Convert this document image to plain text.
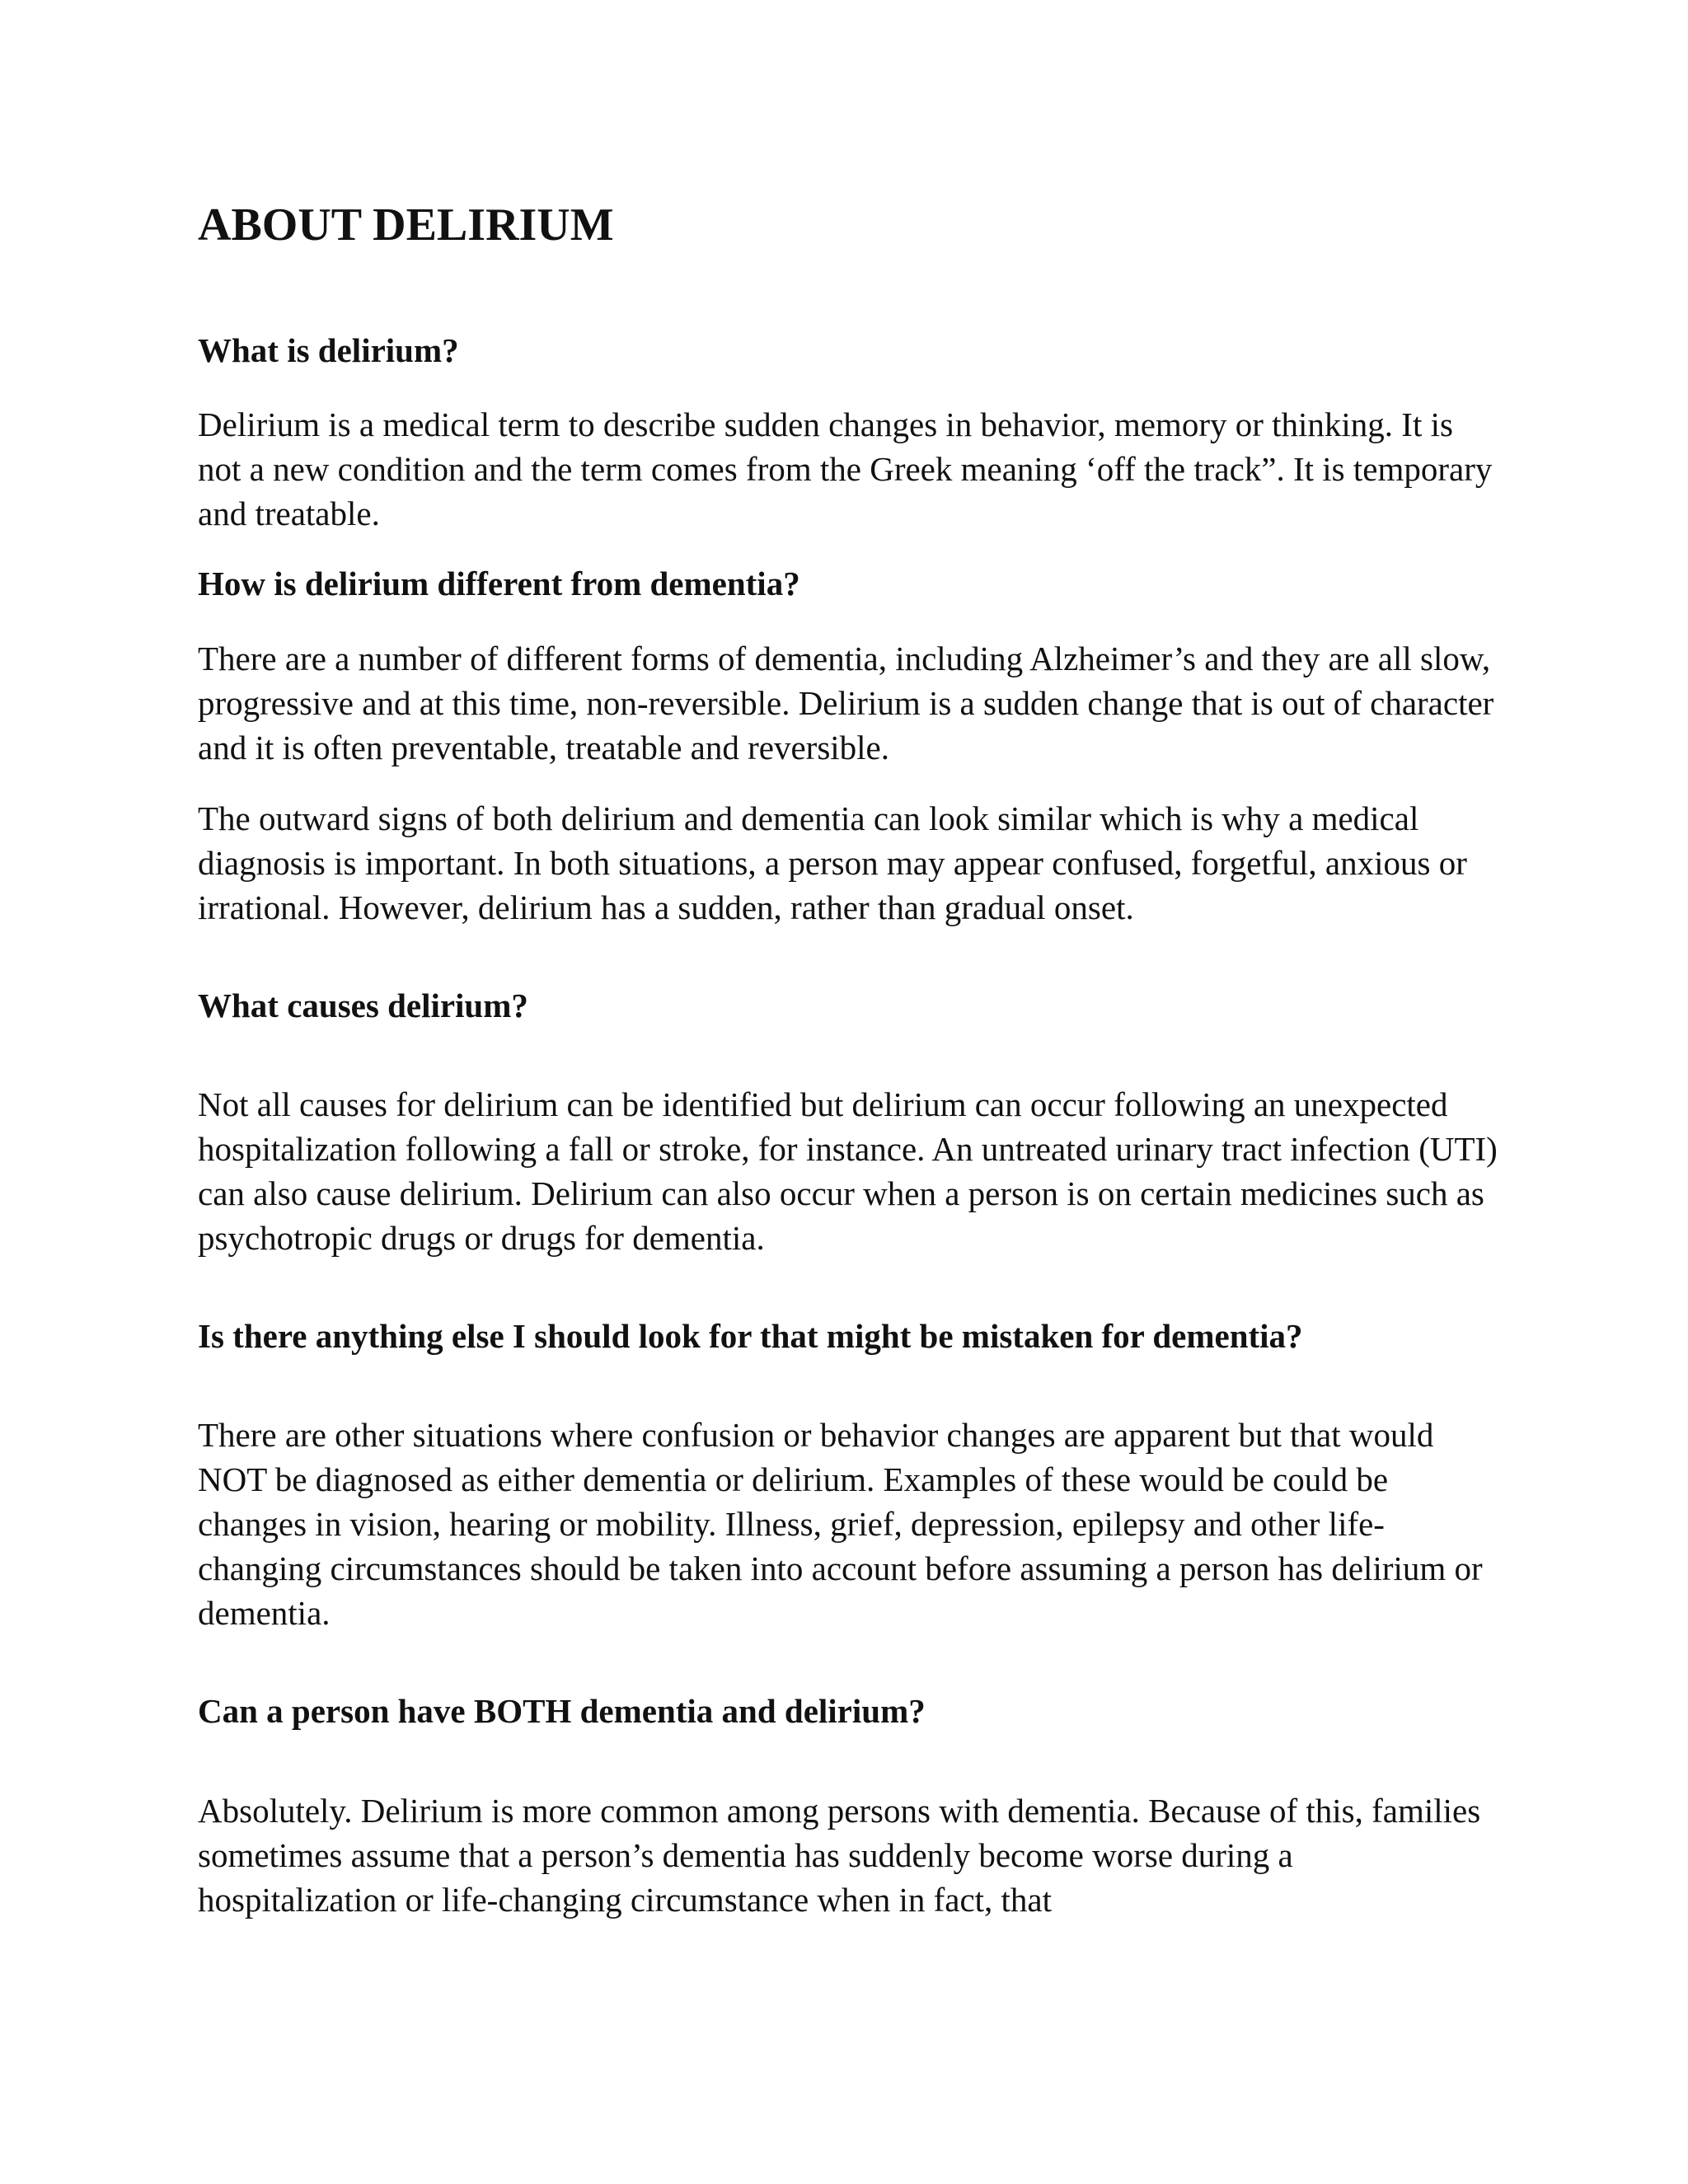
ABOUT DELIRIUM
What is delirium?

Delirium is a medical term to describe sudden changes in behavior, memory or thinking. It is not a new condition and the term comes from the Greek meaning ‘off the track”. It is temporary and treatable.

How is delirium different from dementia?

There are a number of different forms of dementia, including Alzheimer’s and they are all slow, progressive and at this time, non-reversible. Delirium is a sudden change that is out of character and it is often preventable, treatable and reversible.

The outward signs of both delirium and dementia can look similar which is why a medical diagnosis is important. In both situations, a person may appear confused, forgetful, anxious or irrational. However, delirium has a sudden, rather than gradual onset.

What causes delirium?

Not all causes for delirium can be identified but delirium can occur following an unexpected hospitalization following a fall or stroke, for instance. An untreated urinary tract infection (UTI) can also cause delirium. Delirium can also occur when a person is on certain medicines such as psychotropic drugs or drugs for dementia.

Is there anything else I should look for that might be mistaken for dementia?

There are other situations where confusion or behavior changes are apparent but that would NOT be diagnosed as either dementia or delirium. Examples of these would be could be changes in vision, hearing or mobility. Illness, grief, depression, epilepsy and other life-changing circumstances should be taken into account before assuming a person has delirium or dementia.

Can a person have BOTH dementia and delirium?

Absolutely. Delirium is more common among persons with dementia. Because of this, families sometimes assume that a person’s dementia has suddenly become worse during a hospitalization or life-changing circumstance when in fact, that
